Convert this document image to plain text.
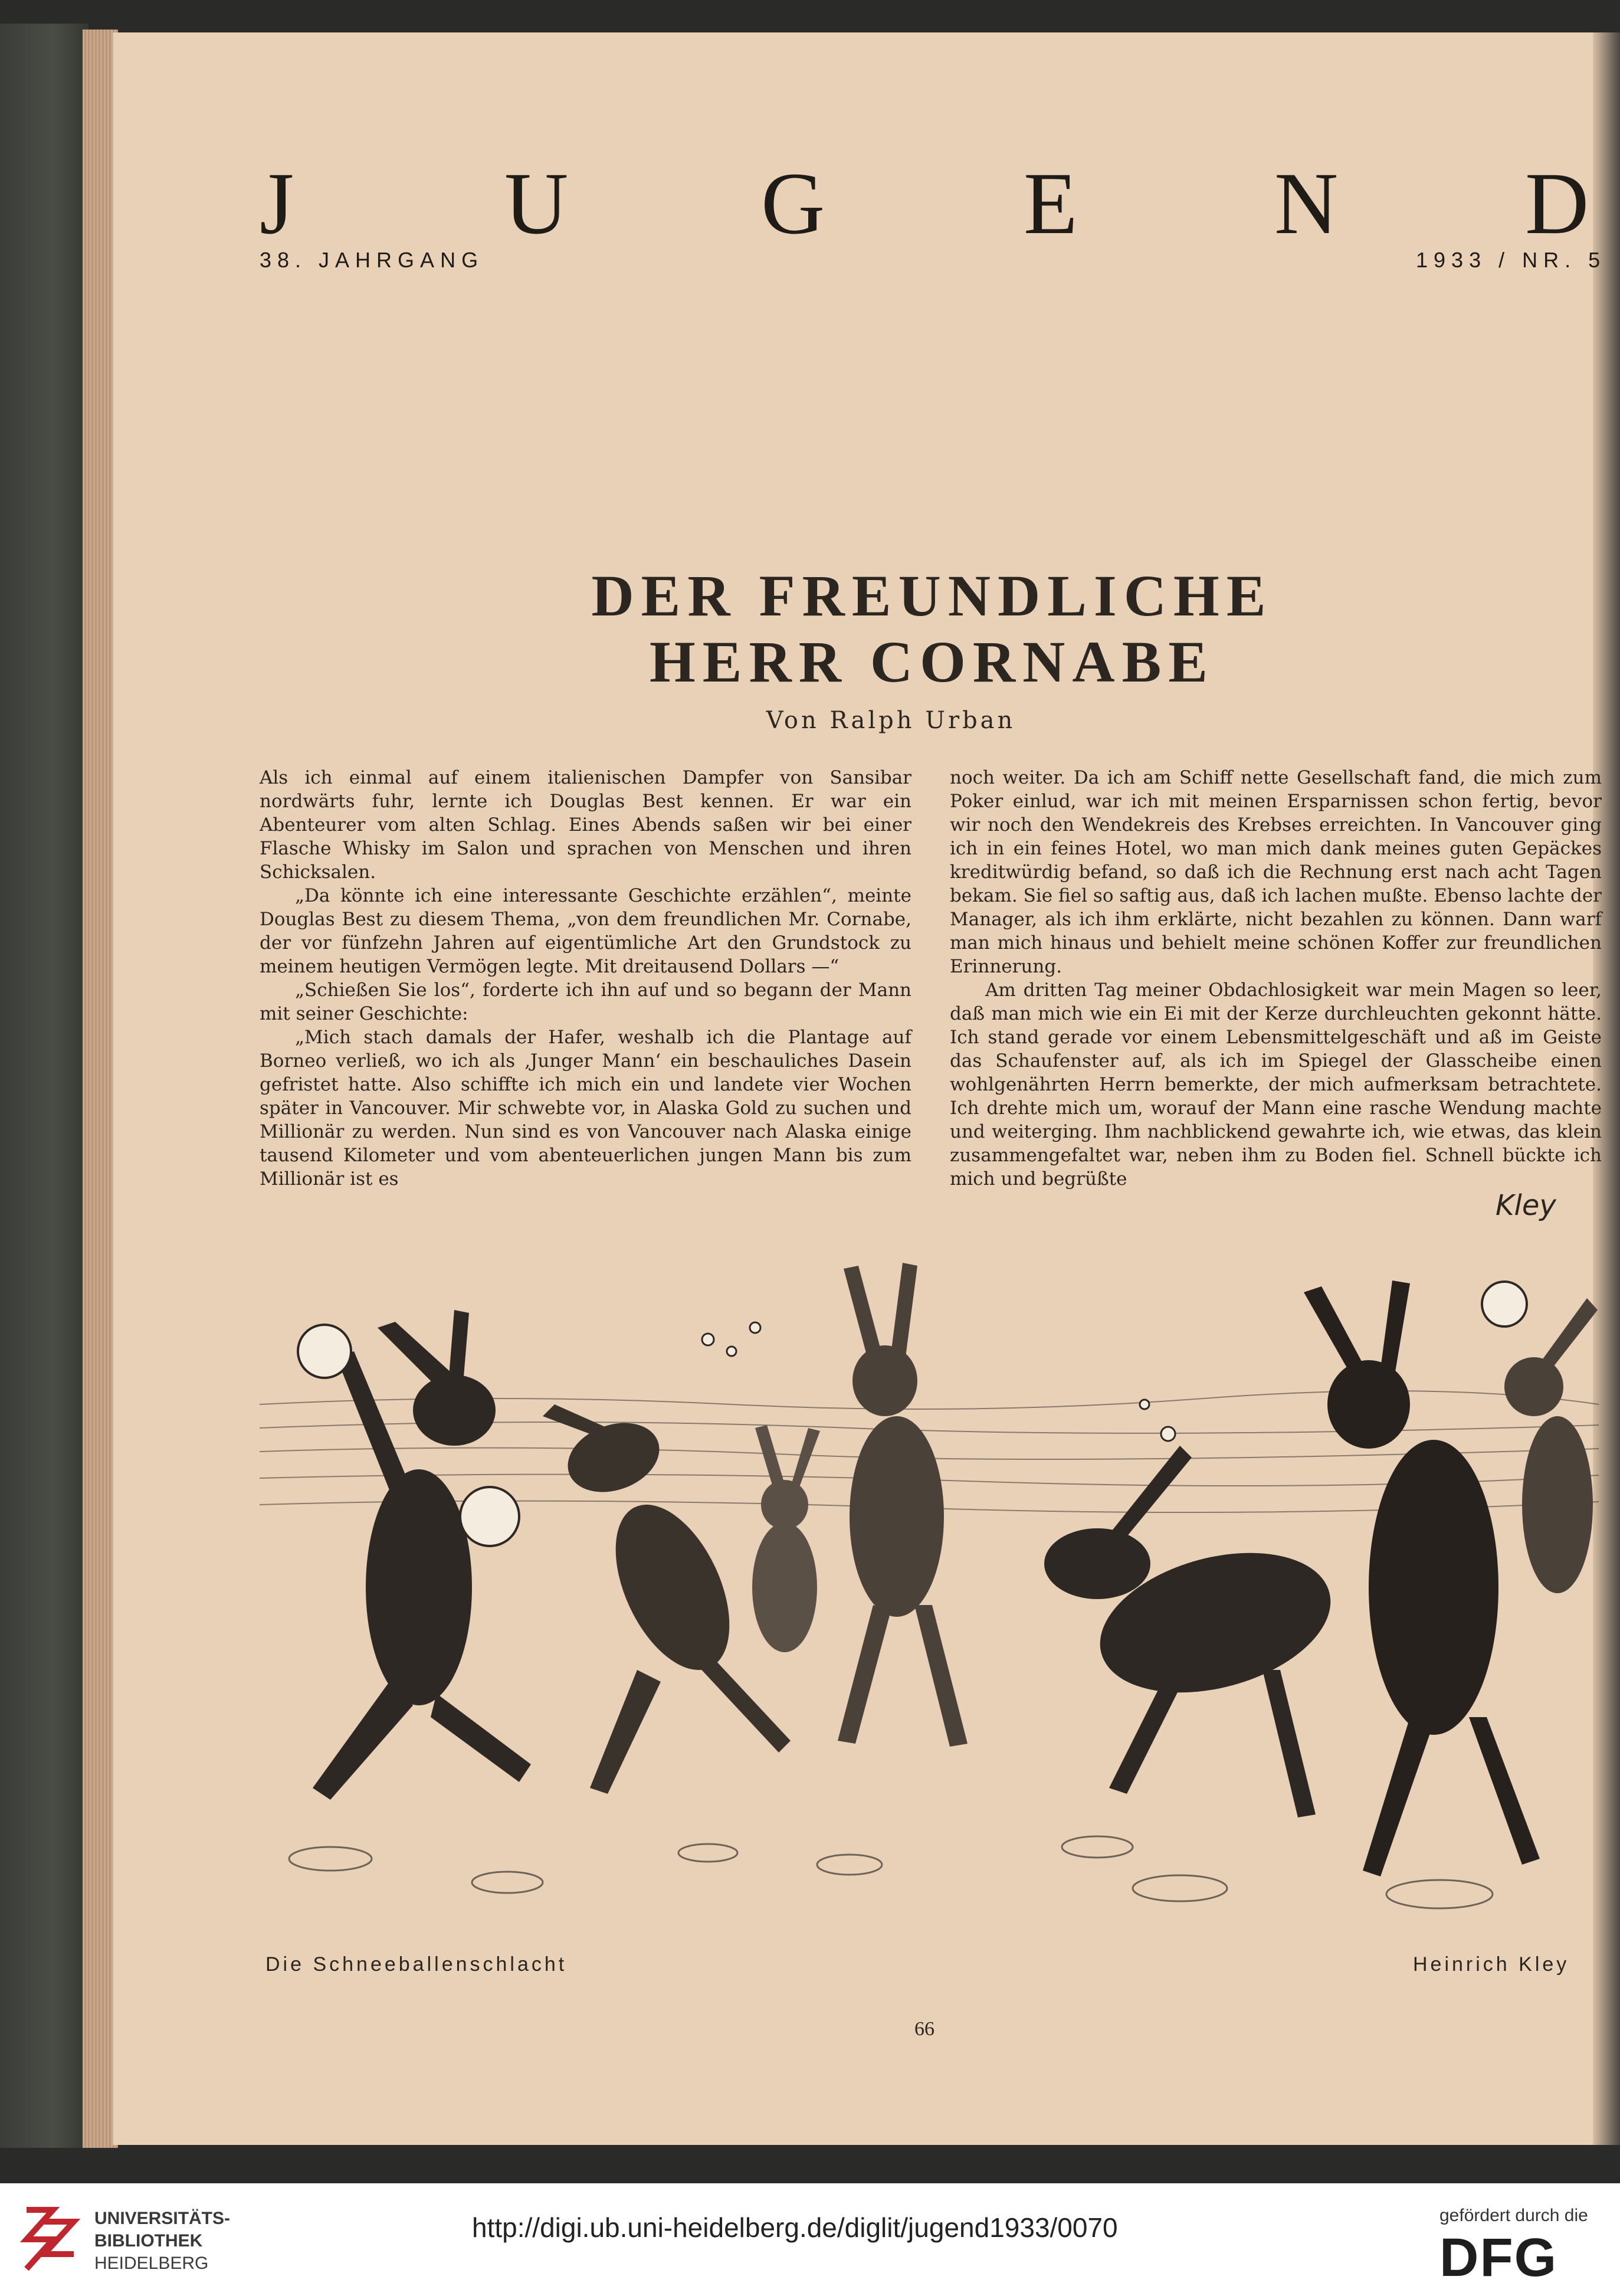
J U G E N D
38. JAHRGANG	1933 / NR. 5
DER FREUNDLICHE
HERR CORNABE
Von Ralph Urban

Als ich einmal auf einem italienischen Dampfer von Sansibar nordwärts fuhr, lernte ich Douglas Best kennen. Er war ein Abenteurer vom alten Schlag. Eines Abends saßen wir bei einer Flasche Whisky im Salon und sprachen von Menschen und ihren Schicksalen.

„Da könnte ich eine interessante Geschichte erzählen“, meinte Douglas Best zu diesem Thema, „von dem freundlichen Mr. Cornabe, der vor fünfzehn Jahren auf eigentümliche Art den Grundstock zu meinem heutigen Vermögen legte. Mit dreitausend Dollars —“

„Schießen Sie los“, forderte ich ihn auf und so begann der Mann mit seiner Geschichte:

„Mich stach damals der Hafer, weshalb ich die Plantage auf Borneo verließ, wo ich als ‚Junger Mann‘ ein beschauliches Dasein gefristet hatte. Also schiffte ich mich ein und landete vier Wochen später in Vancouver. Mir schwebte vor, in Alaska Gold zu suchen und Millionär zu werden. Nun sind es von Vancouver nach Alaska einige tausend Kilometer und vom abenteuerlichen jungen Mann bis zum Millionär ist es

noch weiter. Da ich am Schiff nette Gesellschaft fand, die mich zum Poker einlud, war ich mit meinen Ersparnissen schon fertig, bevor wir noch den Wendekreis des Krebses erreichten. In Vancouver ging ich in ein feines Hotel, wo man mich dank meines guten Gepäckes kreditwürdig befand, so daß ich die Rechnung erst nach acht Tagen bekam. Sie fiel so saftig aus, daß ich lachen mußte. Ebenso lachte der Manager, als ich ihm erklärte, nicht bezahlen zu können. Dann warf man mich hinaus und behielt meine schönen Koffer zur freundlichen Erinnerung.

Am dritten Tag meiner Obdachlosigkeit war mein Magen so leer, daß man mich wie ein Ei mit der Kerze durchleuchten gekonnt hätte. Ich stand gerade vor einem Lebensmittelgeschäft und aß im Geiste das Schaufenster auf, als ich im Spiegel der Glasscheibe einen wohlgenährten Herrn bemerkte, der mich aufmerksam betrachtete. Ich drehte mich um, worauf der Mann eine rasche Wendung machte und weiterging. Ihm nachblickend gewahrte ich, wie etwas, das klein zusammengefaltet war, neben ihm zu Boden fiel. Schnell bückte ich mich und begrüßte

Kley
Die Schneeballenschlacht	Heinrich Kley
66
UNIVERSITÄTS-
BIBLIOTHEK
HEIDELBERG
http://digi.ub.uni-heidelberg.de/diglit/jugend1933/0070	gefördert durch die
DFG
